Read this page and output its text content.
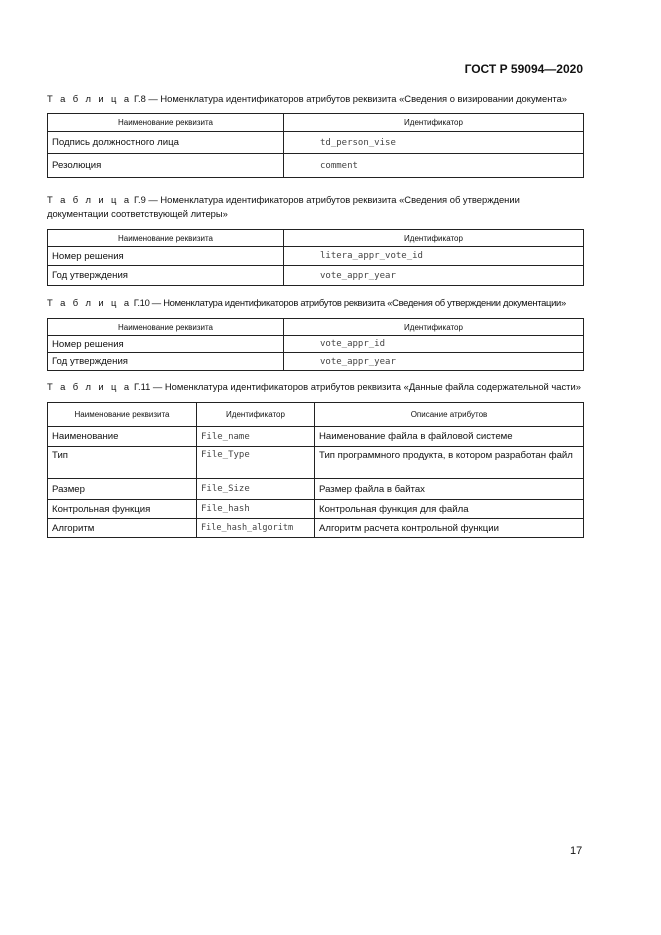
ГОСТ Р 59094—2020
Т а б л и ц а Г.8 — Номенклатура идентификаторов атрибутов реквизита «Сведения о визировании документа»
Наименование реквизита	Идентификатор
Подпись должностного лица	td_person_vise
Резолюция	comment
Т а б л и ц а Г.9 — Номенклатура идентификаторов атрибутов реквизита «Сведения об утверждении документации соответствующей литеры»
Наименование реквизита	Идентификатор
Номер решения	litera_appr_vote_id
Год утверждения	vote_appr_year
Т а б л и ц а Г.10 — Номенклатура идентификаторов атрибутов реквизита «Сведения об утверждении документации»
Наименование реквизита	Идентификатор
Номер решения	vote_appr_id
Год утверждения	vote_appr_year
Т а б л и ц а Г.11 — Номенклатура идентификаторов атрибутов реквизита «Данные файла содержательной части»
Наименование реквизита	Идентификатор	Описание атрибутов
Наименование	File_name	Наименование файла в файловой системе
Тип	File_Type	Тип программного продукта, в котором разработан файл
Размер	File_Size	Размер файла в байтах
Контрольная функция	File_hash	Контрольная функция для файла
Алгоритм	File_hash_algoritm	Алгоритм расчета контрольной функции
17
